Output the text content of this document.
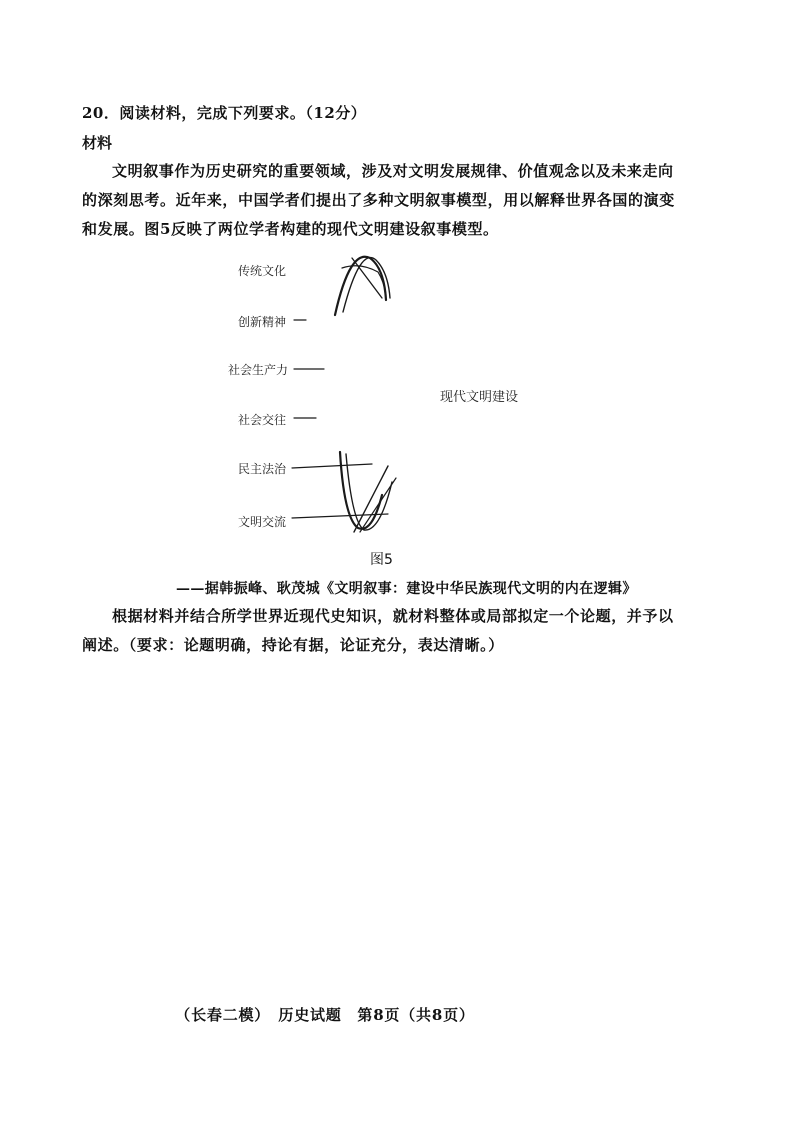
20．阅读材料，完成下列要求。（12分）
材料
文明叙事作为历史研究的重要领域，涉及对文明发展规律、价值观念以及未来走向的深刻思考。近年来，中国学者们提出了多种文明叙事模型，用以解释世界各国的演变和发展。图5反映了两位学者构建的现代文明建设叙事模型。
传统文化
创新精神
社会生产力
社会交往
民主法治
文明交流
现代文明建设
图5
——据韩振峰、耿茂城《文明叙事：建设中华民族现代文明的内在逻辑》
根据材料并结合所学世界近现代史知识，就材料整体或局部拟定一个论题，并予以阐述。（要求：论题明确，持论有据，论证充分，表达清晰。）
（长春二模）　历史试题　第8页（共8页）
